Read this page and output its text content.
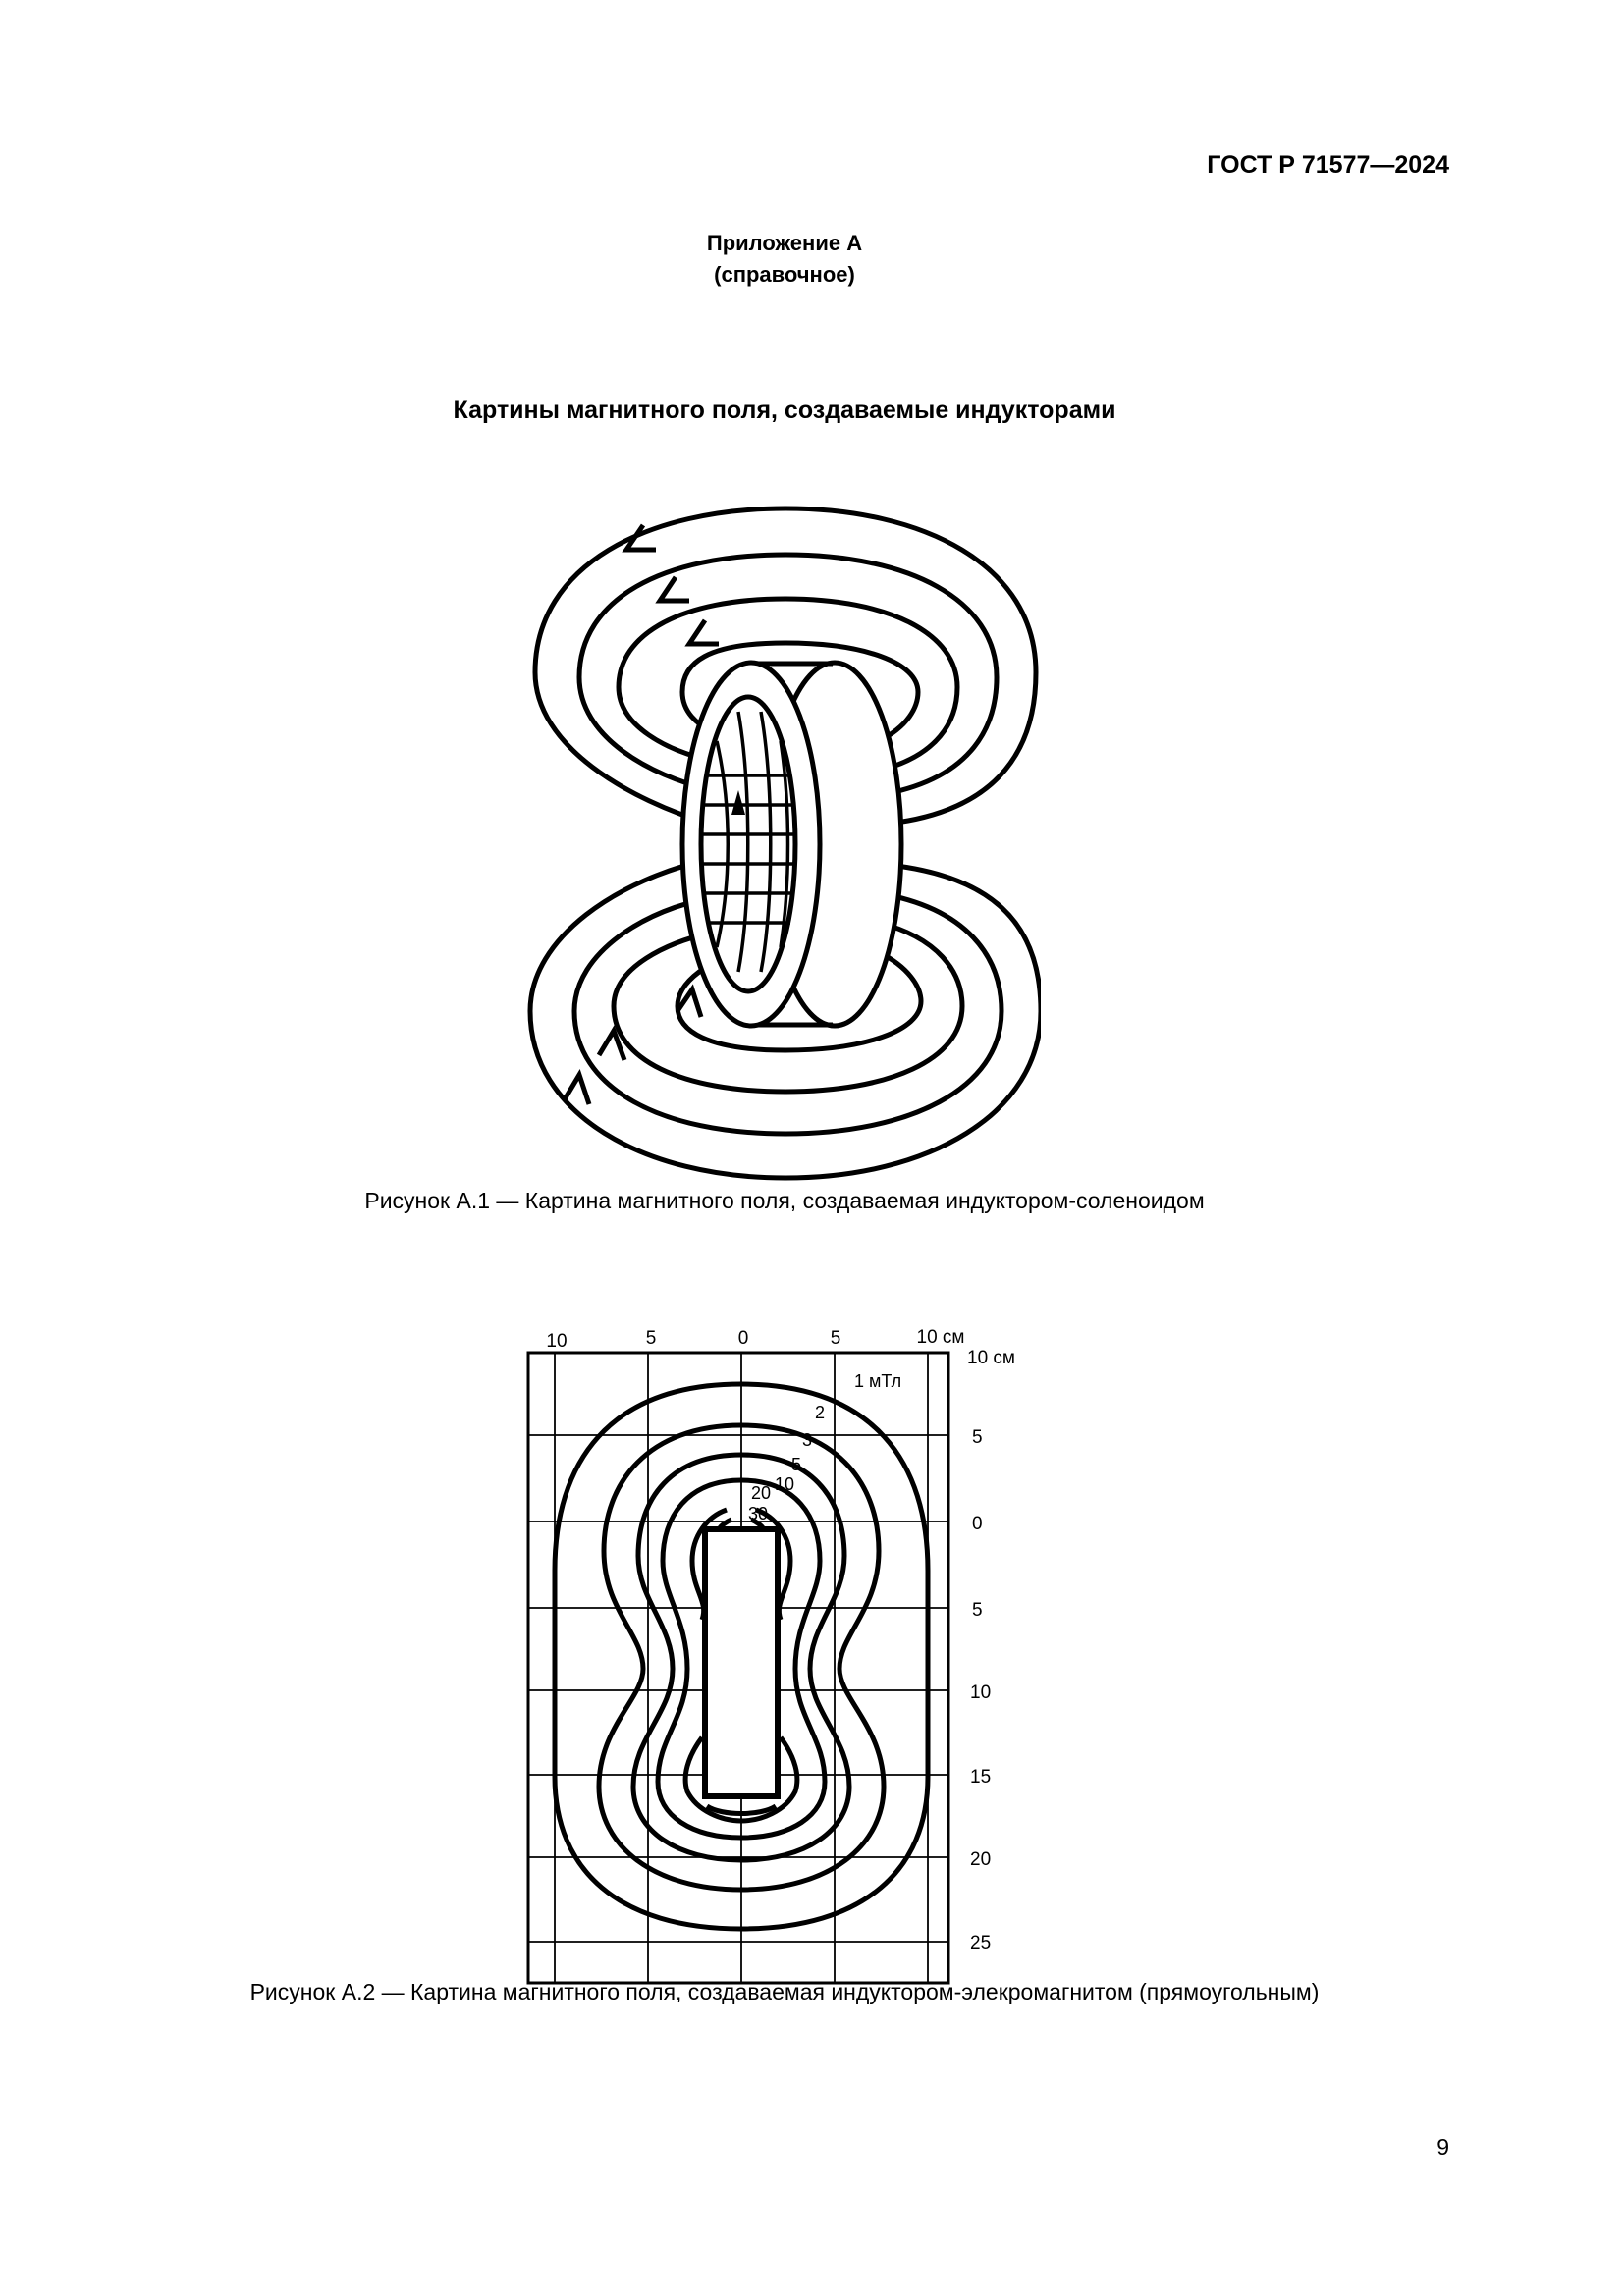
ГОСТ Р 71577—2024
Приложение А
(справочное)
Картины магнитного поля, создаваемые индукторами
Рисунок А.1 — Картина магнитного поля, создаваемая индуктором-соленоидом
10	5	0	5	10 см
10 см
5
0
5
10
15
20
25
1 мТл
2
3
5
10
20
30
Рисунок А.2 — Картина магнитного поля, создаваемая индуктором-элекромагнитом (прямоугольным)
9
